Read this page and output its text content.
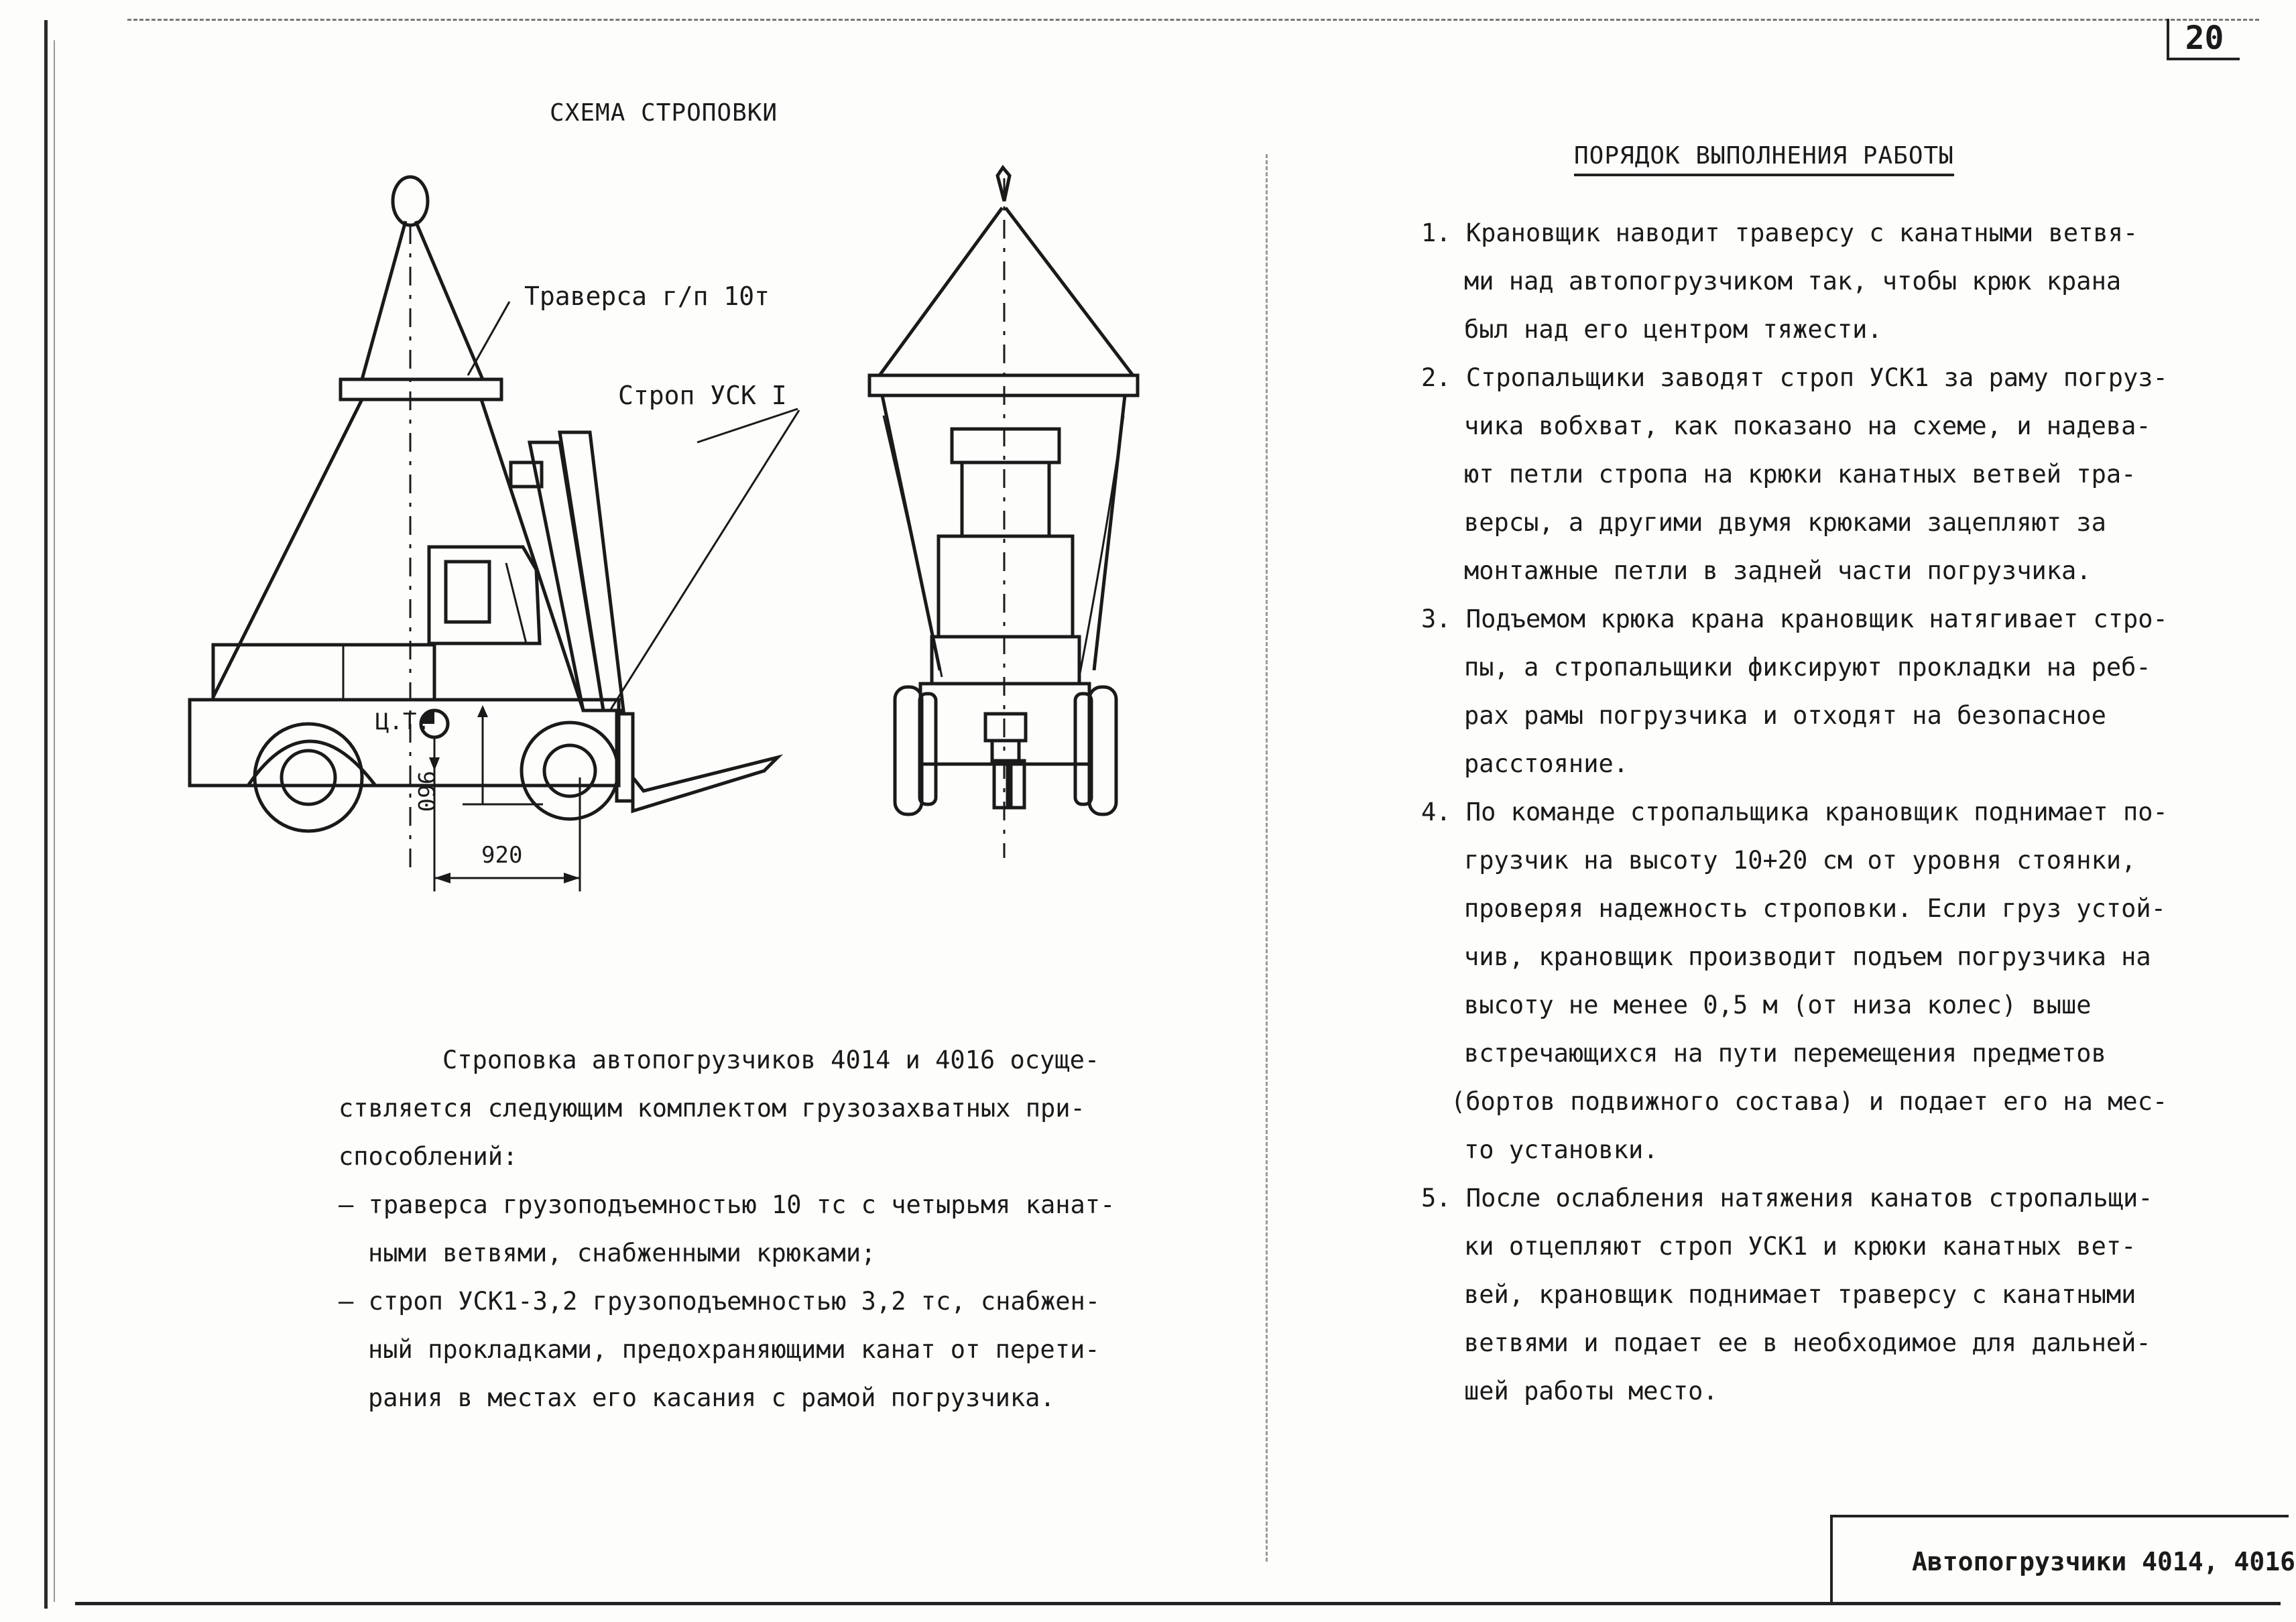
20
СХЕМА СТРОПОВКИ
Траверса г/п 10т
Строп УСК I
Ц.Т.
960
920
Строповка автопогрузчиков 4014 и 4016 осуще-
ствляется следующим комплектом грузозахватных при-
способлений:
– траверса грузоподъемностью 10 тс с четырьмя канат-
ными ветвями, снабженными крюками;
– строп УСК1-3,2 грузоподъемностью 3,2 тс, снабжен-
ный прокладками, предохраняющими канат от перети-
рания в местах его касания с рамой погрузчика.
ПОРЯДОК ВЫПОЛНЕНИЯ РАБОТЫ
1. Крановщик наводит траверсу с канатными ветвя-
ми над автопогрузчиком так, чтобы крюк крана
был над его центром тяжести.
2. Стропальщики заводят строп УСК1 за раму погруз-
чика вобхват, как показано на схеме, и надева-
ют петли стропа на крюки канатных ветвей тра-
версы, а другими двумя крюками зацепляют за
монтажные петли в задней части погрузчика.
3. Подъемом крюка крана крановщик натягивает стро-
пы, а стропальщики фиксируют прокладки на реб-
рах рамы погрузчика и отходят на безопасное
расстояние.
4. По команде стропальщика крановщик поднимает по-
грузчик на высоту 10+20 см от уровня стоянки,
проверяя надежность строповки. Если груз устой-
чив, крановщик производит подъем погрузчика на
высоту не менее 0,5 м (от низа колес) выше
встречающихся на пути перемещения предметов
(бортов подвижного состава) и подает его на мес-
то установки.
5. После ослабления натяжения канатов стропальщи-
ки отцепляют строп УСК1 и крюки канатных вет-
вей, крановщик поднимает траверсу с канатными
ветвями и подает ее в необходимое для дальней-
шей работы место.
Автопогрузчики 4014, 4016
